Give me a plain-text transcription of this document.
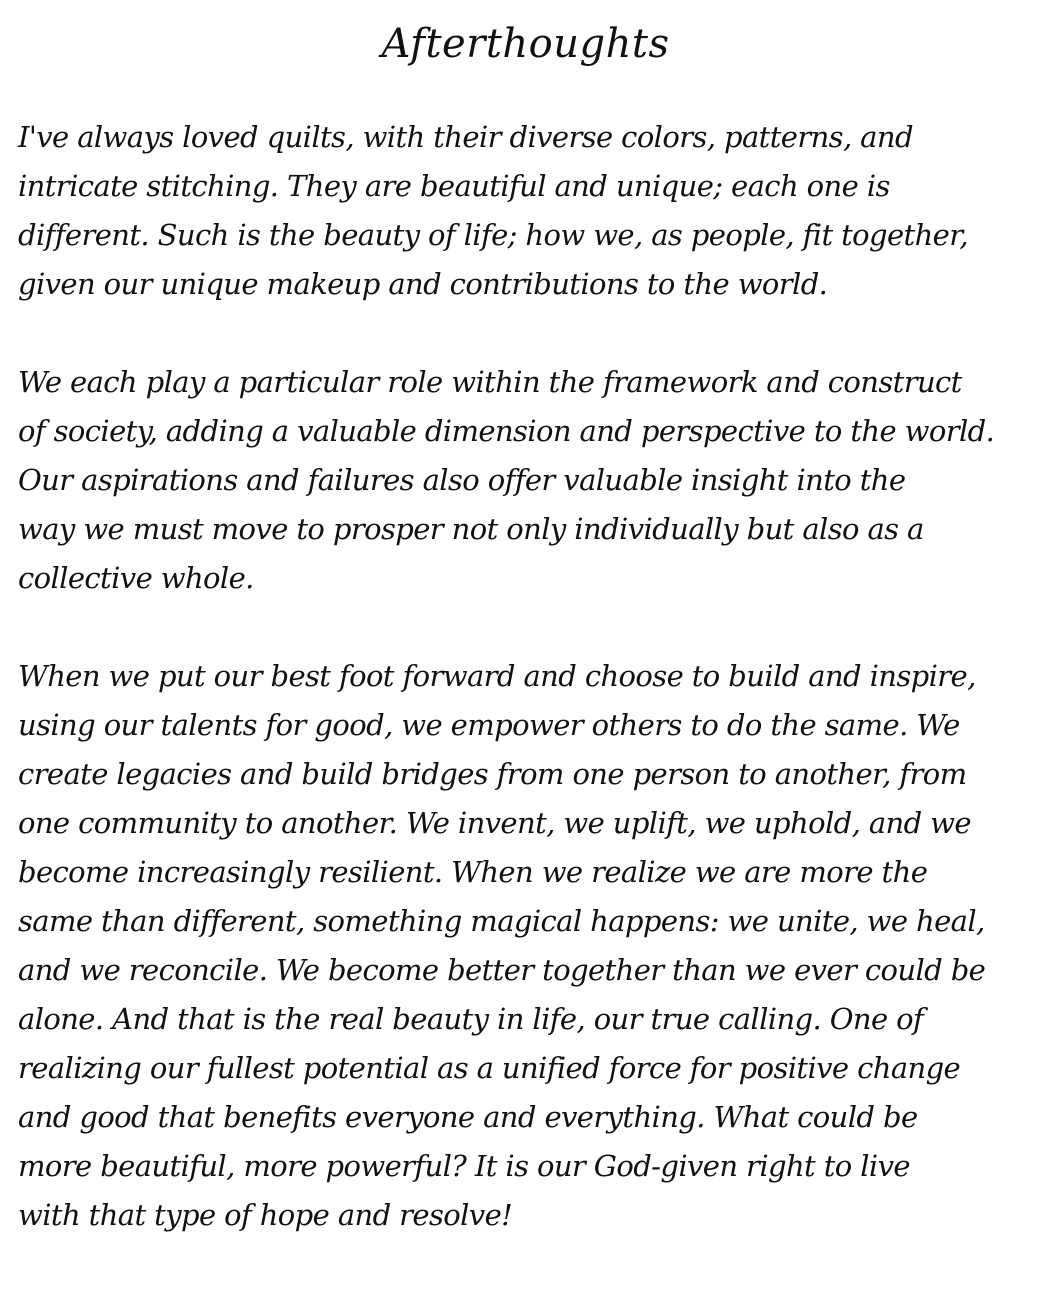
Afterthoughts
I've always loved quilts, with their diverse colors, patterns, and
intricate stitching. They are beautiful and unique; each one is
different. Such is the beauty of life; how we, as people, fit together,
given our unique makeup and contributions to the world.
We each play a particular role within the framework and construct
of society, adding a valuable dimension and perspective to the world.
Our aspirations and failures also offer valuable insight into the
way we must move to prosper not only individually but also as a
collective whole.
When we put our best foot forward and choose to build and inspire,
using our talents for good, we empower others to do the same. We
create legacies and build bridges from one person to another, from
one community to another. We invent, we uplift, we uphold, and we
become increasingly resilient. When we realize we are more the
same than different, something magical happens: we unite, we heal,
and we reconcile. We become better together than we ever could be
alone. And that is the real beauty in life, our true calling. One of
realizing our fullest potential as a unified force for positive change
and good that benefits everyone and everything. What could be
more beautiful, more powerful? It is our God-given right to live
with that type of hope and resolve!
